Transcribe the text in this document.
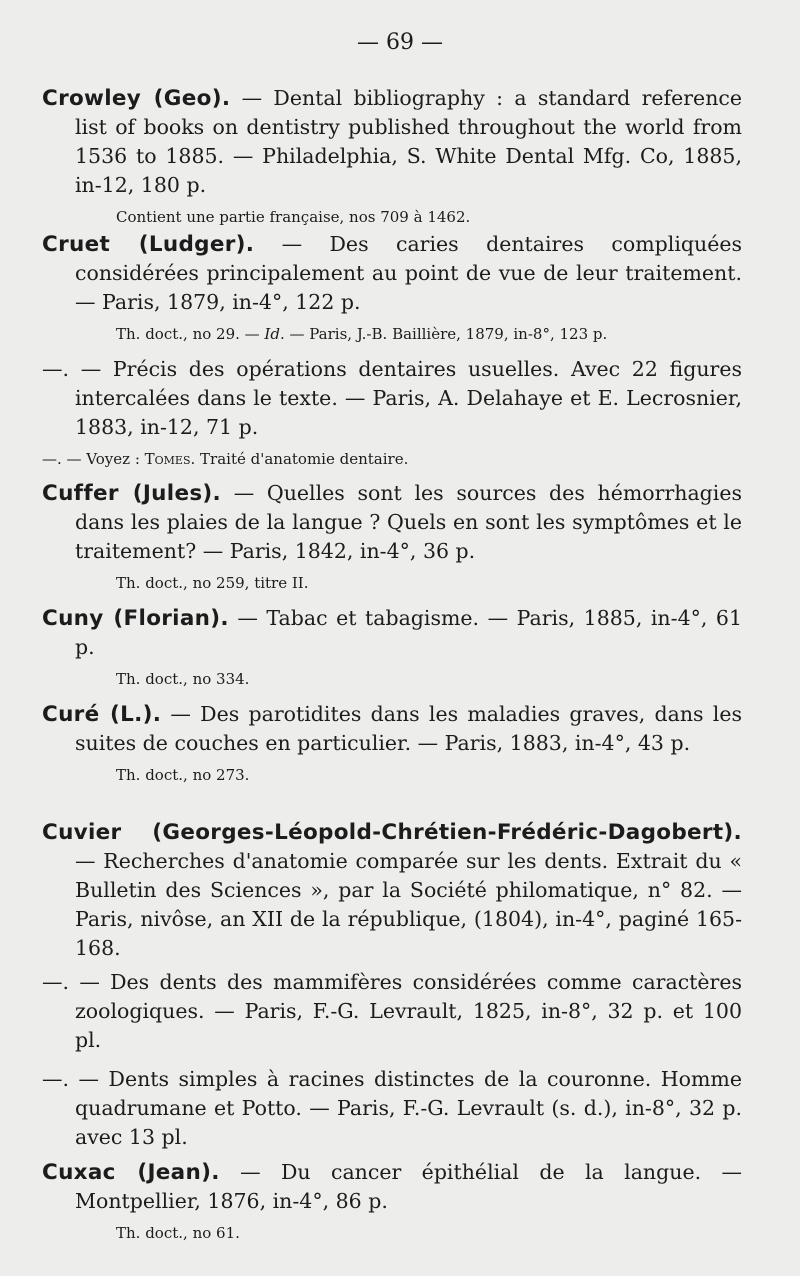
— 69 —
Crowley (Geo). — Dental bibliography : a standard reference list of books on dentistry published throughout the world from 1536 to 1885. — Philadelphia, S. White Dental Mfg. Co, 1885, in-12, 180 p.
Contient une partie française, nos 709 à 1462.
Cruet (Ludger). — Des caries dentaires compliquées considérées principalement au point de vue de leur traitement. — Paris, 1879, in-4°, 122 p.
Th. doct., no 29. — Id. — Paris, J.-B. Baillière, 1879, in-8°, 123 p.
—. — Précis des opérations dentaires usuelles. Avec 22 figures intercalées dans le texte. — Paris, A. Delahaye et E. Lecrosnier, 1883, in-12, 71 p.
—. — Voyez : Tomes. Traité d'anatomie dentaire.
Cuffer (Jules). — Quelles sont les sources des hémorrhagies dans les plaies de la langue ? Quels en sont les symptômes et le traitement? — Paris, 1842, in-4°, 36 p.
Th. doct., no 259, titre II.
Cuny (Florian). — Tabac et tabagisme. — Paris, 1885, in-4°, 61 p.
Th. doct., no 334.
Curé (L.). — Des parotidites dans les maladies graves, dans les suites de couches en particulier. — Paris, 1883, in-4°, 43 p.
Th. doct., no 273.
Cuvier (Georges-Léopold-Chrétien-Frédéric-Dagobert). — Recherches d'anatomie comparée sur les dents. Extrait du « Bulletin des Sciences », par la Société philomatique, n° 82. — Paris, nivôse, an XII de la république, (1804), in-4°, paginé 165-168.
—. — Des dents des mammifères considérées comme caractères zoologiques. — Paris, F.-G. Levrault, 1825, in-8°, 32 p. et 100 pl.
—. — Dents simples à racines distinctes de la couronne. Homme quadrumane et Potto. — Paris, F.-G. Levrault (s. d.), in-8°, 32 p. avec 13 pl.
Cuxac (Jean). — Du cancer épithélial de la langue. — Montpellier, 1876, in-4°, 86 p.
Th. doct., no 61.
